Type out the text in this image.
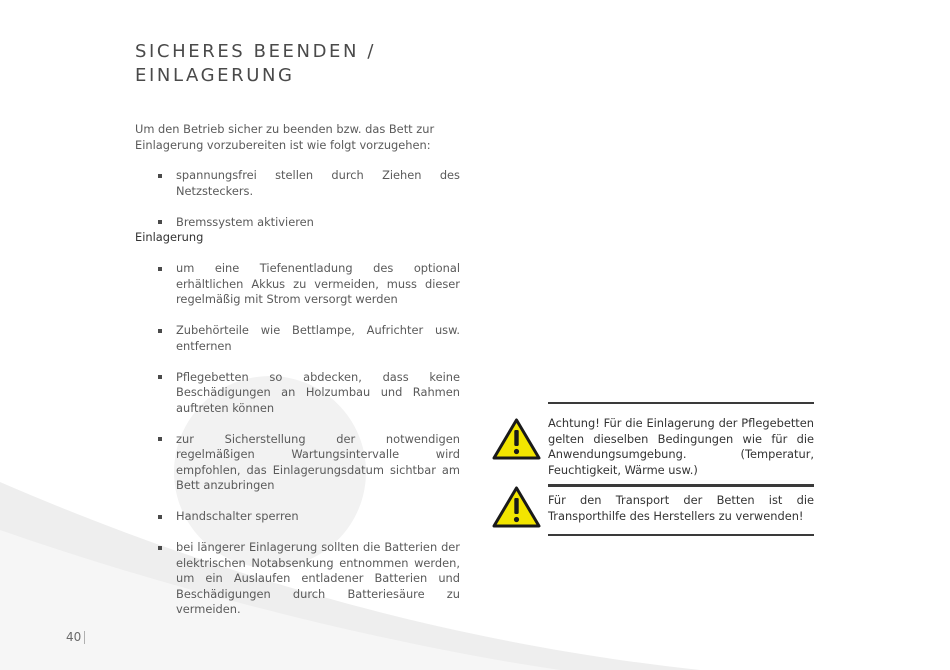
SICHERES BEENDEN /
EINLAGERUNG

Um den Betrieb sicher zu beenden bzw. das Bett zur Einlagerung vorzubereiten ist wie folgt vorzugehen:

spannungsfrei stellen durch Ziehen des Netzsteckers.
Bremssystem aktivieren

Einlagerung

um eine Tiefenentladung des optional erhältlichen Akkus zu vermeiden, muss dieser regelmäßig mit Strom versorgt werden
Zubehörteile wie Bettlampe, Aufrichter usw. entfernen
Pflegebetten so abdecken, dass keine Beschädigungen an Holzumbau und Rahmen auftreten können
zur Sicherstellung der notwendigen regelmäßigen Wartungsintervalle wird empfohlen, das Einlagerungsdatum sichtbar am Bett anzubringen
Handschalter sperren
bei längerer Einlagerung sollten die Batterien der elektrischen Notabsenkung entnommen werden, um ein Auslaufen entladener Batterien und Beschädigungen durch Batteriesäure zu vermeiden.
Achtung! Für die Einlagerung der Pflegebetten gelten dieselben Bedingungen wie für die Anwendungsumgebung. (Temperatur, Feuchtigkeit, Wärme usw.)
Für den Transport der Betten ist die Transporthilfe des Herstellers zu verwenden!
40
